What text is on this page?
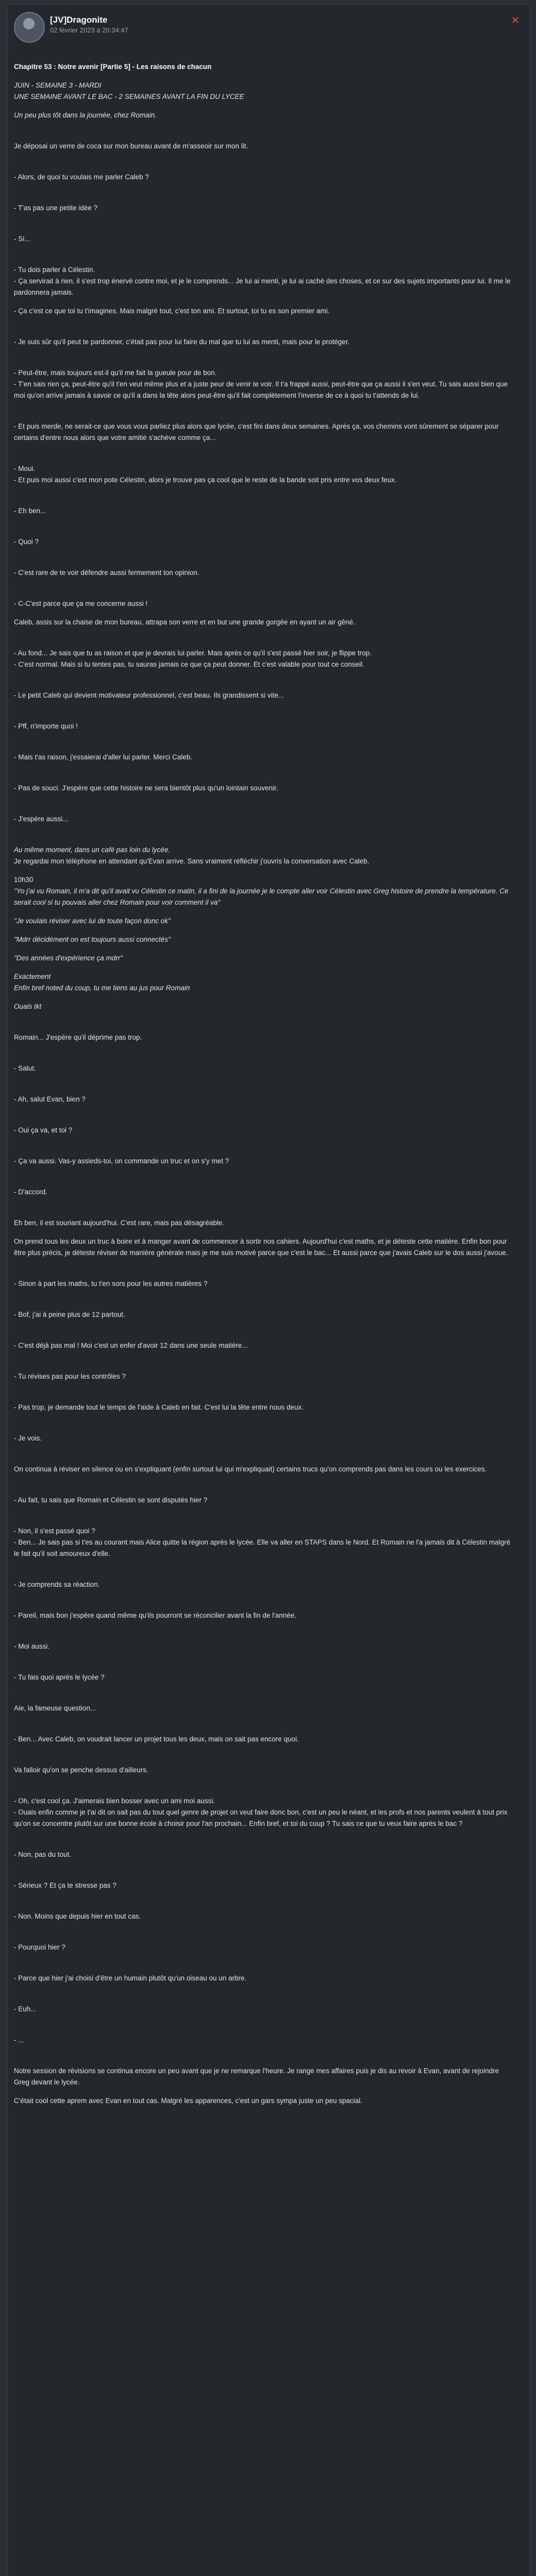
[JV]Dragonite
02 février 2023 à 20:34:47
✕
Chapitre 53 : Notre avenir [Partie 5] - Les raisons de chacun
JUIN - SEMAINE 3 - MARDI
UNE SEMAINE AVANT LE BAC - 2 SEMAINES AVANT LA FIN DU LYCEE
Un peu plus tôt dans la journée, chez Romain.
Je déposai un verre de coca sur mon bureau avant de m'asseoir sur mon lit.
- Alors, de quoi tu voulais me parler Caleb ?
- T'as pas une petite idée ?
- Si...
- Tu dois parler à Célestin.
- Ça servirait à rien, il s'est trop énervé contre moi, et je le comprends... Je lui ai menti, je lui ai caché des choses, et ce sur des sujets importants pour lui. Il me le pardonnera jamais.
- Ça c'est ce que toi tu t'imagines. Mais malgré tout, c'est ton ami. Et surtout, toi tu es son premier ami.
- Je suis sûr qu'il peut te pardonner, c'était pas pour lui faire du mal que tu lui as menti, mais pour le protéger.
- Peut-être, mais toujours est-il qu'il me fait la gueule pour de bon.
- T'en sais rien ça, peut-être qu'il t'en veut même plus et a juste peur de venir te voir. Il t'a frappé aussi, peut-être que ça aussi il s'en veut. Tu sais aussi bien que moi qu'on arrive jamais à savoir ce qu'il a dans la tête alors peut-être qu'il fait complètement l'inverse de ce à quoi tu t'attends de lui.
- Et puis merde, ne serait-ce que vous vous parliez plus alors que lycée, c'est fini dans deux semaines. Après ça, vos chemins vont sûrement se séparer pour certains d'entre nous alors que votre amitié s'achève comme ça...
- Moui.
- Et puis moi aussi c'est mon pote Célestin, alors je trouve pas ça cool que le reste de la bande soit pris entre vos deux feux.
- Eh ben...
- Quoi ?
- C'est rare de te voir défendre aussi fermement ton opinion.
- C-C'est parce que ça me concerne aussi !
Caleb, assis sur la chaise de mon bureau, attrapa son verre et en but une grande gorgée en ayant un air gêné.
- Au fond... Je sais que tu as raison et que je devrais lui parler. Mais après ce qu'il s'est passé hier soir, je flippe trop.
- C'est normal. Mais si tu tentes pas, tu sauras jamais ce que ça peut donner. Et c'est valable pour tout ce conseil.
- Le petit Caleb qui devient motivateur professionnel, c'est beau. Ils grandissent si vite...
- Pff, n'importe quoi !
- Mais t'as raison, j'essaierai d'aller lui parler. Merci Caleb.
- Pas de souci. J'espère que cette histoire ne sera bientôt plus qu'un lointain souvenir.
- J'espère aussi...
Au même moment, dans un café pas loin du lycée.
Je regardai mon téléphone en attendant qu'Evan arrive. Sans vraiment réfléchir j'ouvris la conversation avec Caleb.
10h30
"Yo j'ai vu Romain, il m'a dit qu'il avait vu Célestin ce matin, il a fini de la journée je le compte aller voir Célestin avec Greg histoire de prendre la température. Ce serait cool si tu pouvais aller chez Romain pour voir comment il va"
"Je voulais réviser avec lui de toute façon donc ok"
"Mdrr décidément on est toujours aussi connectés"
"Des années d'expérience ça mdrr"
Exactement
Enfin bref noted du coup, tu me tiens au jus pour Romain
Ouais tkt
Romain... J'espère qu'il déprime pas trop.
- Salut.
- Ah, salut Evan, bien ?
- Oui ça va, et toi ?
- Ça va aussi. Vas-y assieds-toi, on commande un truc et on s'y met ?
- D'accord.
Eh ben, il est souriant aujourd'hui. C'est rare, mais pas désagréable.
On prend tous les deux un truc à boire et à manger avant de commencer à sortir nos cahiers. Aujourd'hui c'est maths, et je déteste cette matière. Enfin bon pour être plus précis, je déteste réviser de manière générale mais je me suis motivé parce que c'est le bac... Et aussi parce que j'avais Caleb sur le dos aussi j'avoue.
- Sinon à part les maths, tu t'en sors pour les autres matières ?
- Bof, j'ai à peine plus de 12 partout.
- C'est déjà pas mal ! Moi c'est un enfer d'avoir 12 dans une seule matière...
- Tu révises pas pour les contrôles ?
- Pas trop, je demande tout le temps de l'aide à Caleb en fait. C'est lui la tête entre nous deux.
- Je vois.
On continua à réviser en silence ou en s'expliquant (enfin surtout lui qui m'expliquait) certains trucs qu'on comprends pas dans les cours ou les exercices.
- Au fait, tu sais que Romain et Célestin se sont disputés hier ?
- Non, il s'est passé quoi ?
- Ben... Je sais pas si t'es au courant mais Alice quitte la région après le lycée. Elle va aller en STAPS dans le Nord. Et Romain ne l'a jamais dit à Célestin malgré le fait qu'il soit amoureux d'elle.
- Je comprends sa réaction.
- Pareil, mais bon j'espère quand même qu'ils pourront se réconcilier avant la fin de l'année.
- Moi aussi.
- Tu fais quoi après le lycée ?
Aie, la fameuse question...
- Ben... Avec Caleb, on voudrait lancer un projet tous les deux, mais on sait pas encore quoi.
Va falloir qu'on se penche dessus d'ailleurs.
- Oh, c'est cool ça. J'aimerais bien bosser avec un ami moi aussi.
- Ouais enfin comme je t'ai dit on sait pas du tout quel genre de projet on veut faire donc bon, c'est un peu le néant, et les profs et nos parents veulent à tout prix qu'on se concentre plutôt sur une bonne école à choisir pour l'an prochain... Enfin bref, et toi du coup ? Tu sais ce que tu veux faire après le bac ?
- Non, pas du tout.
- Sérieux ? Et ça te stresse pas ?
- Non. Moins que depuis hier en tout cas.
- Pourquoi hier ?
- Parce que hier j'ai choisi d'être un humain plutôt qu'un oiseau ou un arbre.
- Euh...
- ...
Notre session de révisions se continua encore un peu avant que je ne remarque l'heure. Je range mes affaires puis je dis au revoir à Evan, avant de rejoindre Greg devant le lycée.
C'était cool cette aprem avec Evan en tout cas. Malgré les apparences, c'est un gars sympa juste un peu spacial.
